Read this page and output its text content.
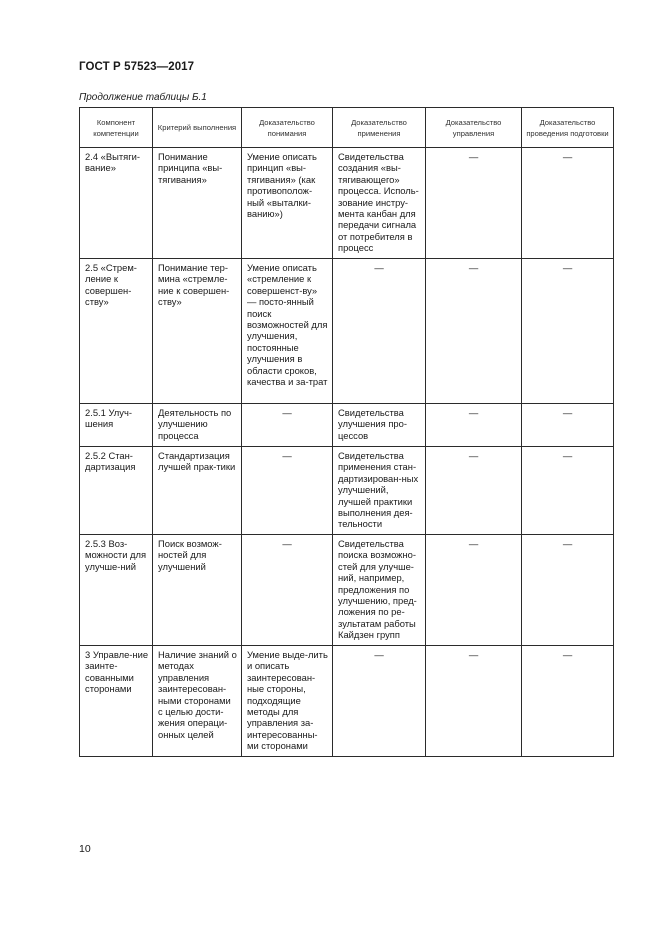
ГОСТ Р 57523—2017
Продолжение таблицы Б.1
Компонент компетенции	Критерий выполнения	Доказательство понимания	Доказательство применения	Доказательство управления	Доказательство проведения подготовки
2.4 «Вытяги-вание»	Понимание принципа «вы-тягивания»	Умение описать принцип «вы-тягивания» (как противополож-ный «выталки-ванию»)	Свидетельства создания «вы-тягивающего» процесса. Исполь-зование инстру-мента канбан для передачи сигнала от потребителя в процесс	—	—
2.5 «Стрем-ление к совершен-ству»	Понимание тер-мина «стремле-ние к совершен-ству»	Умение описать «стремление к совершенст-ву» — посто-янный поиск возможностей для улучшения, постоянные улучшения в области сроков, качества и за-трат	—	—	—
2.5.1 Улуч-шения	Деятельность по улучшению процесса	—	Свидетельства улучшения про-цессов	—	—
2.5.2 Стан-дартизация	Стандартизация лучшей прак-тики	—	Свидетельства применения стан-дартизирован-ных улучшений, лучшей практики выполнения дея-тельности	—	—
2.5.3 Воз-можности для улучше-ний	Поиск возмож-ностей для улучшений	—	Свидетельства поиска возможно-стей для улучше-ний, например, предложения по улучшению, пред-ложения по ре-зультатам работы Кайдзен групп	—	—
3 Управле-ние заинте-сованными сторонами	Наличие знаний о методах управления заинтересован-ными сторонами с целью дости-жения операци-онных целей	Умение выде-лить и описать заинтересован-ные стороны, подходящие методы для управления за-интересованны-ми сторонами	—	—	—
10
